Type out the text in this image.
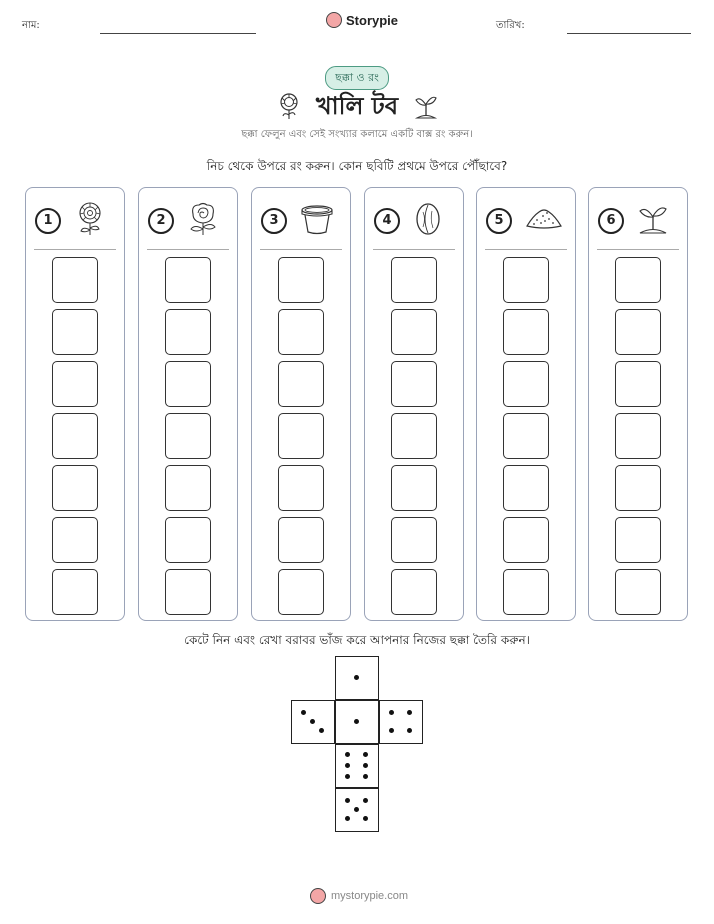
নাম:	Storypie	তারিখ:
ছক্কা ও রং
খালি টব
ছক্কা ফেলুন এবং সেই সংখ্যার কলামে একটি বাক্স রং করুন।
নিচ থেকে উপরে রং করুন। কোন ছবিটি প্রথমে উপরে পৌঁছাবে?
1	2	3	4	5	6
কেটে নিন এবং রেখা বরাবর ভাঁজ করে আপনার নিজের ছক্কা তৈরি করুন।
mystorypie.com
